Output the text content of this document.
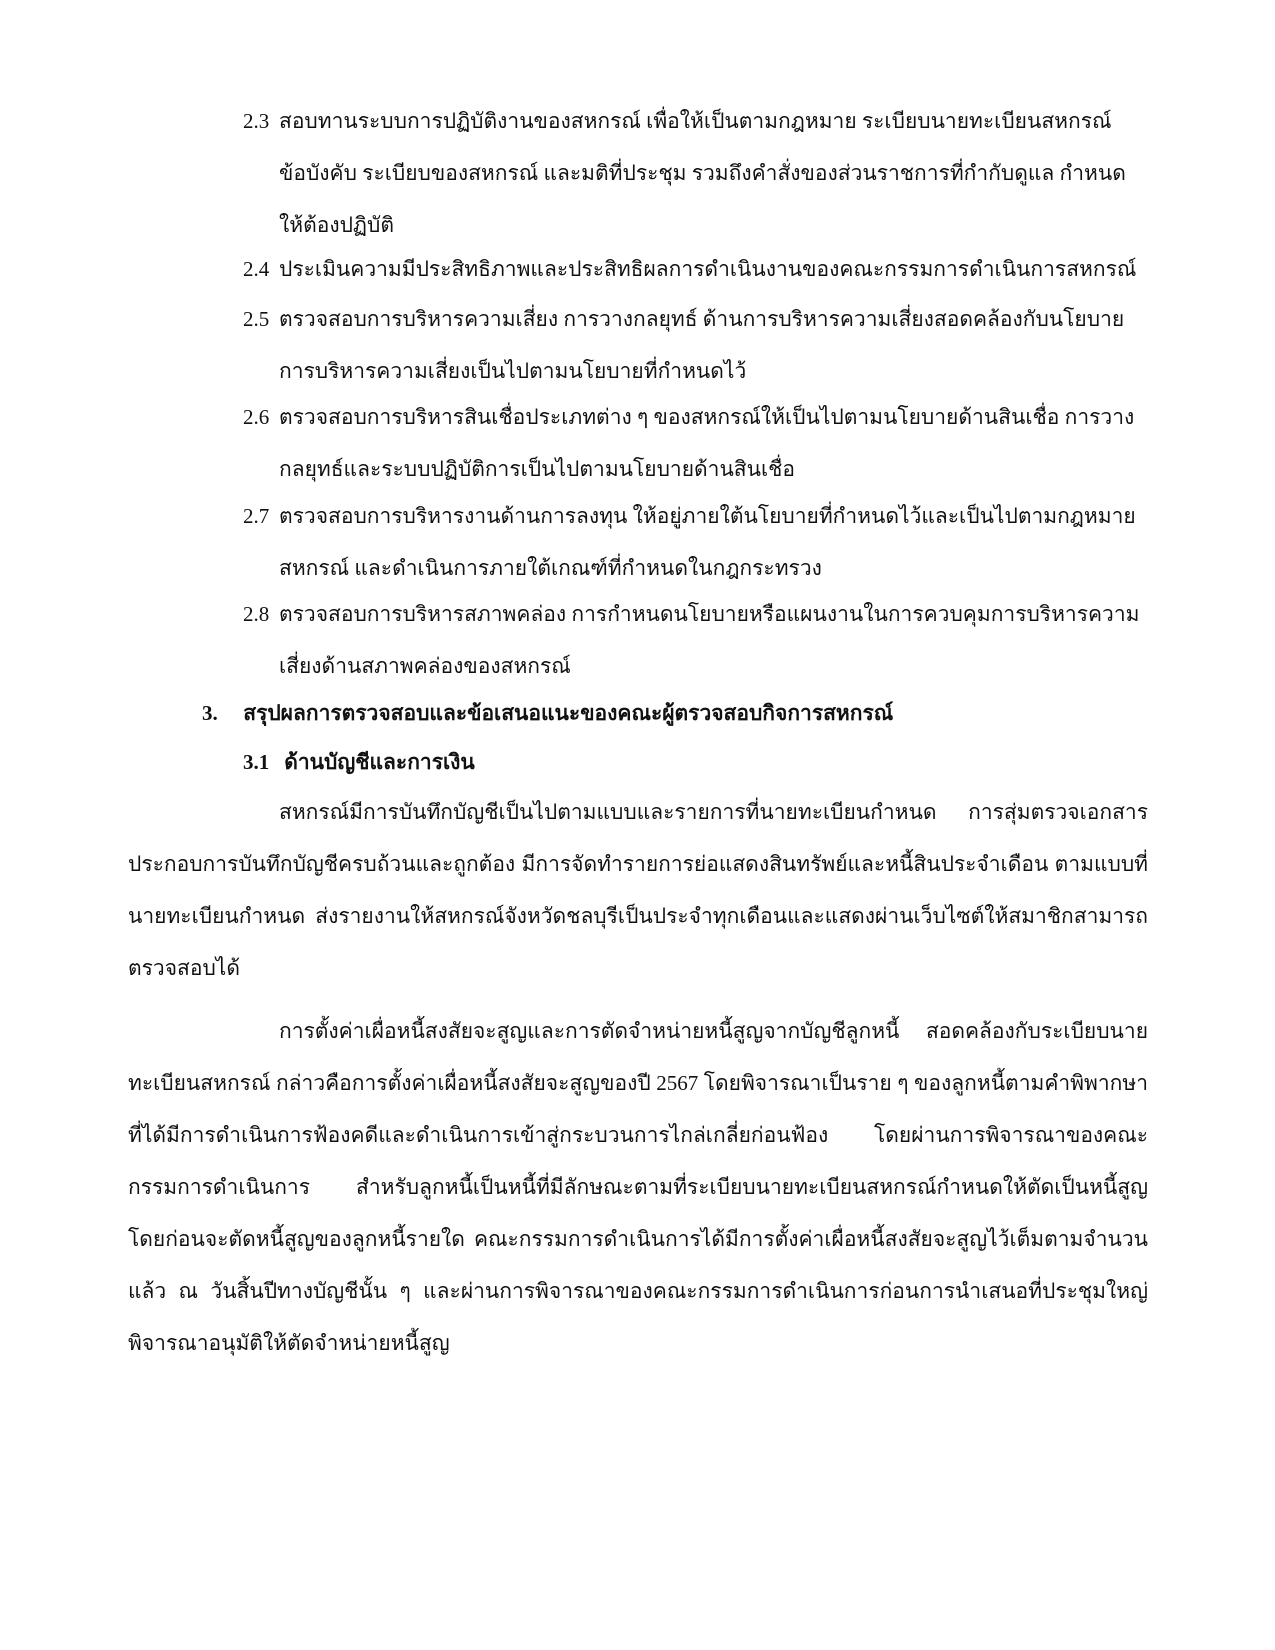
2.3 สอบทานระบบการปฏิบัติงานของสหกรณ์ เพื่อให้เป็นตามกฎหมาย ระเบียบนายทะเบียนสหกรณ์ ข้อบังคับ ระเบียบของสหกรณ์ และมติที่ประชุม รวมถึงคำสั่งของส่วนราชการที่กำกับดูแล กำหนดให้ต้องปฏิบัติ
2.4 ประเมินความมีประสิทธิภาพและประสิทธิผลการดำเนินงานของคณะกรรมการดำเนินการสหกรณ์
2.5 ตรวจสอบการบริหารความเสี่ยง การวางกลยุทธ์ ด้านการบริหารความเสี่ยงสอดคล้องกับนโยบาย การบริหารความเสี่ยงเป็นไปตามนโยบายที่กำหนดไว้
2.6 ตรวจสอบการบริหารสินเชื่อประเภทต่าง ๆ ของสหกรณ์ให้เป็นไปตามนโยบายด้านสินเชื่อ การวางกลยุทธ์และระบบปฏิบัติการเป็นไปตามนโยบายด้านสินเชื่อ
2.7 ตรวจสอบการบริหารงานด้านการลงทุน ให้อยู่ภายใต้นโยบายที่กำหนดไว้และเป็นไปตามกฎหมายสหกรณ์ และดำเนินการภายใต้เกณฑ์ที่กำหนดในกฎกระทรวง
2.8 ตรวจสอบการบริหารสภาพคล่อง การกำหนดนโยบายหรือแผนงานในการควบคุมการบริหารความเสี่ยงด้านสภาพคล่องของสหกรณ์
3. สรุปผลการตรวจสอบและข้อเสนอแนะของคณะผู้ตรวจสอบกิจการสหกรณ์
3.1 ด้านบัญชีและการเงิน

สหกรณ์มีการบันทึกบัญชีเป็นไปตามแบบและรายการที่นายทะเบียนกำหนด การสุ่มตรวจเอกสารประกอบการบันทึกบัญชีครบถ้วนและถูกต้อง มีการจัดทำรายการย่อแสดงสินทรัพย์และหนี้สินประจำเดือน ตามแบบที่นายทะเบียนกำหนด ส่งรายงานให้สหกรณ์จังหวัดชลบุรีเป็นประจำทุกเดือนและแสดงผ่านเว็บไซต์ให้สมาชิกสามารถตรวจสอบได้

การตั้งค่าเผื่อหนี้สงสัยจะสูญและการตัดจำหน่ายหนี้สูญจากบัญชีลูกหนี้ สอดคล้องกับระเบียบนายทะเบียนสหกรณ์ กล่าวคือการตั้งค่าเผื่อหนี้สงสัยจะสูญของปี 2567 โดยพิจารณาเป็นราย ๆ ของลูกหนี้ตามคำพิพากษาที่ได้มีการดำเนินการฟ้องคดีและดำเนินการเข้าสู่กระบวนการไกล่เกลี่ยก่อนฟ้อง โดยผ่านการพิจารณาของคณะกรรมการดำเนินการ สำหรับลูกหนี้เป็นหนี้ที่มีลักษณะตามที่ระเบียบนายทะเบียนสหกรณ์กำหนดให้ตัดเป็นหนี้สูญ โดยก่อนจะตัดหนี้สูญของลูกหนี้รายใด คณะกรรมการดำเนินการได้มีการตั้งค่าเผื่อหนี้สงสัยจะสูญไว้เต็มตามจำนวนแล้ว ณ วันสิ้นปีทางบัญชีนั้น ๆ และผ่านการพิจารณาของคณะกรรมการดำเนินการก่อนการนำเสนอที่ประชุมใหญ่พิจารณาอนุมัติให้ตัดจำหน่ายหนี้สูญ
